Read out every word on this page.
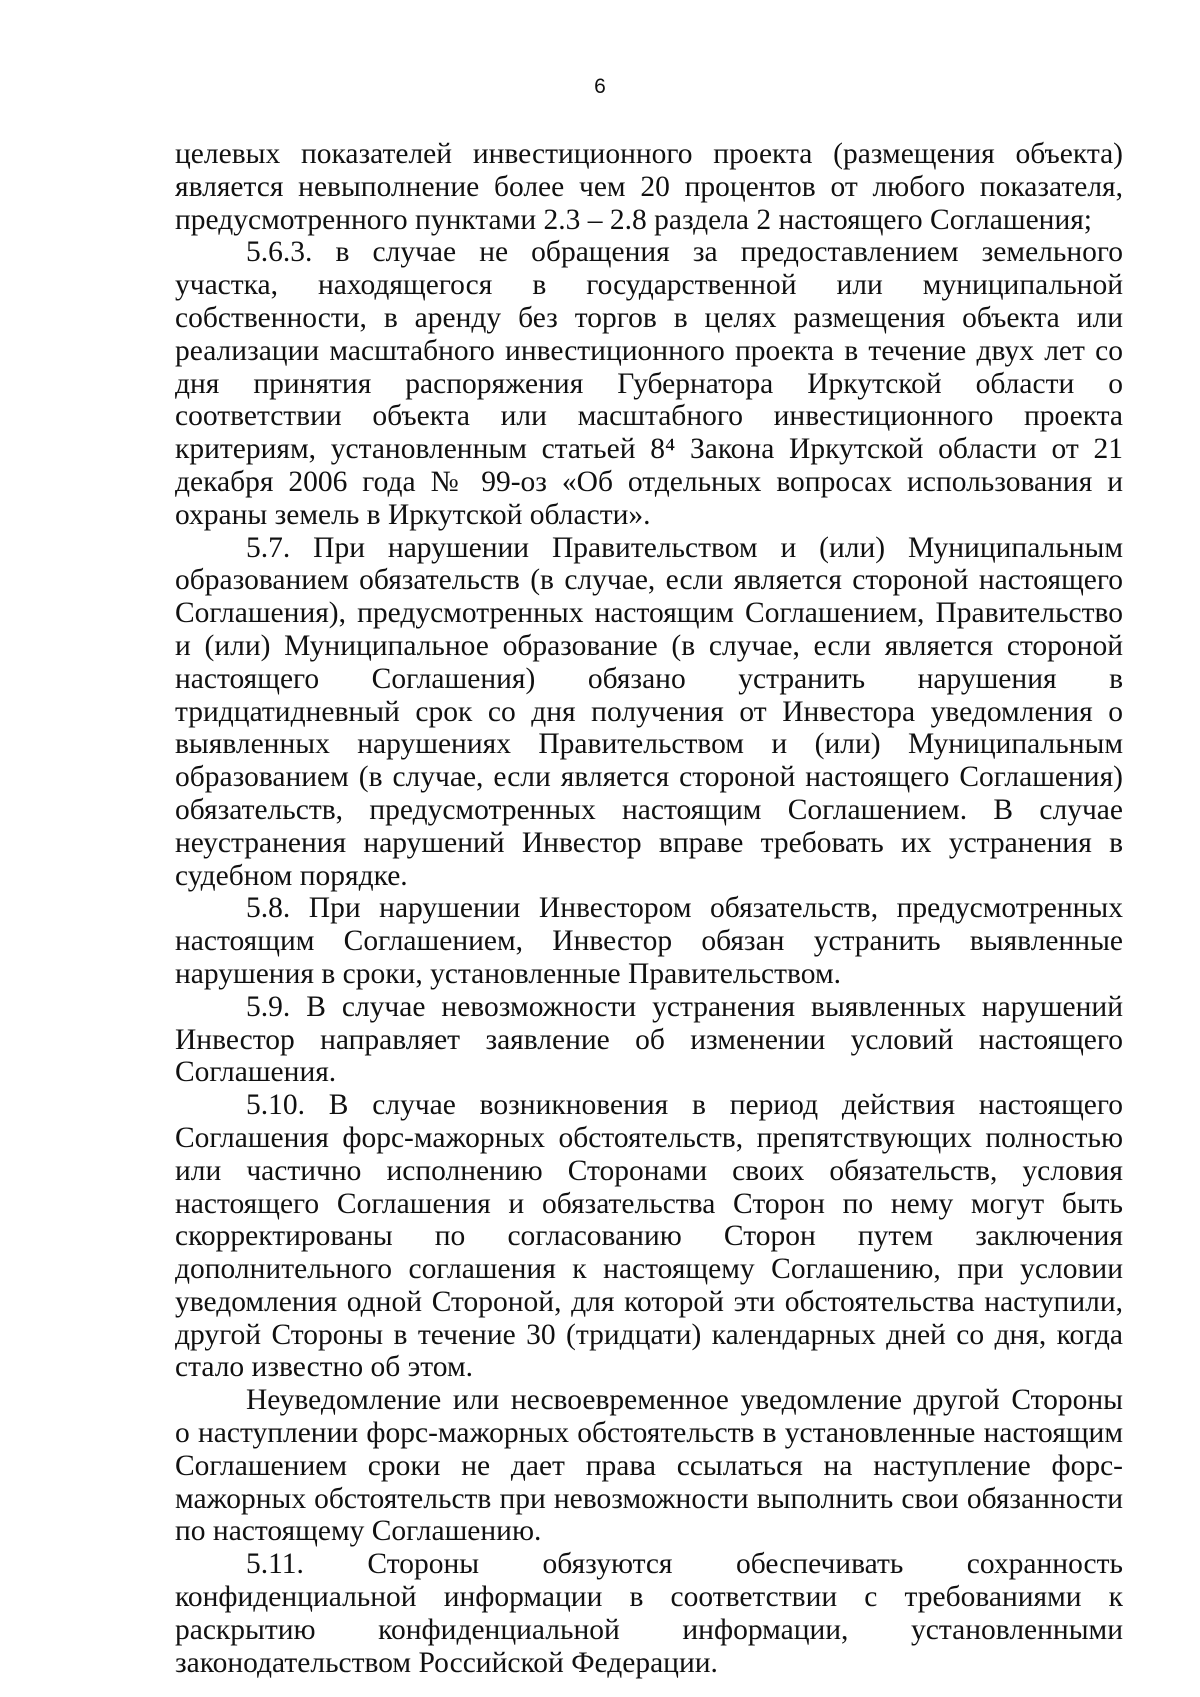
6

целевых показателей инвестиционного проекта (размещения объекта) является невыполнение более чем 20 процентов от любого показателя, предусмотренного пунктами 2.3 – 2.8 раздела 2 настоящего Соглашения;

5.6.3. в случае не обращения за предоставлением земельного участка, находящегося в государственной или муниципальной собственности, в аренду без торгов в целях размещения объекта или реализации масштабного инвестиционного проекта в течение двух лет со дня принятия распоряжения Губернатора Иркутской области о соответствии объекта или масштабного инвестиционного проекта критериям, установленным статьей 8⁴ Закона Иркутской области от 21 декабря 2006 года № 99-оз «Об отдельных вопросах использования и охраны земель в Иркутской области».

5.7. При нарушении Правительством и (или) Муниципальным образованием обязательств (в случае, если является стороной настоящего Соглашения), предусмотренных настоящим Соглашением, Правительство и (или) Муниципальное образование (в случае, если является стороной настоящего Соглашения) обязано устранить нарушения в тридцатидневный срок со дня получения от Инвестора уведомления о выявленных нарушениях Правительством и (или) Муниципальным образованием (в случае, если является стороной настоящего Соглашения) обязательств, предусмотренных настоящим Соглашением. В случае неустранения нарушений Инвестор вправе требовать их устранения в судебном порядке.

5.8. При нарушении Инвестором обязательств, предусмотренных настоящим Соглашением, Инвестор обязан устранить выявленные нарушения в сроки, установленные Правительством.

5.9. В случае невозможности устранения выявленных нарушений Инвестор направляет заявление об изменении условий настоящего Соглашения.

5.10. В случае возникновения в период действия настоящего Соглашения форс-мажорных обстоятельств, препятствующих полностью или частично исполнению Сторонами своих обязательств, условия настоящего Соглашения и обязательства Сторон по нему могут быть скорректированы по согласованию Сторон путем заключения дополнительного соглашения к настоящему Соглашению, при условии уведомления одной Стороной, для которой эти обстоятельства наступили, другой Стороны в течение 30 (тридцати) календарных дней со дня, когда стало известно об этом.

Неуведомление или несвоевременное уведомление другой Стороны о наступлении форс-мажорных обстоятельств в установленные настоящим Соглашением сроки не дает права ссылаться на наступление форс-мажорных обстоятельств при невозможности выполнить свои обязанности по настоящему Соглашению.

5.11. Стороны обязуются обеспечивать сохранность конфиденциальной информации в соответствии с требованиями к раскрытию конфиденциальной информации, установленными законодательством Российской Федерации.
